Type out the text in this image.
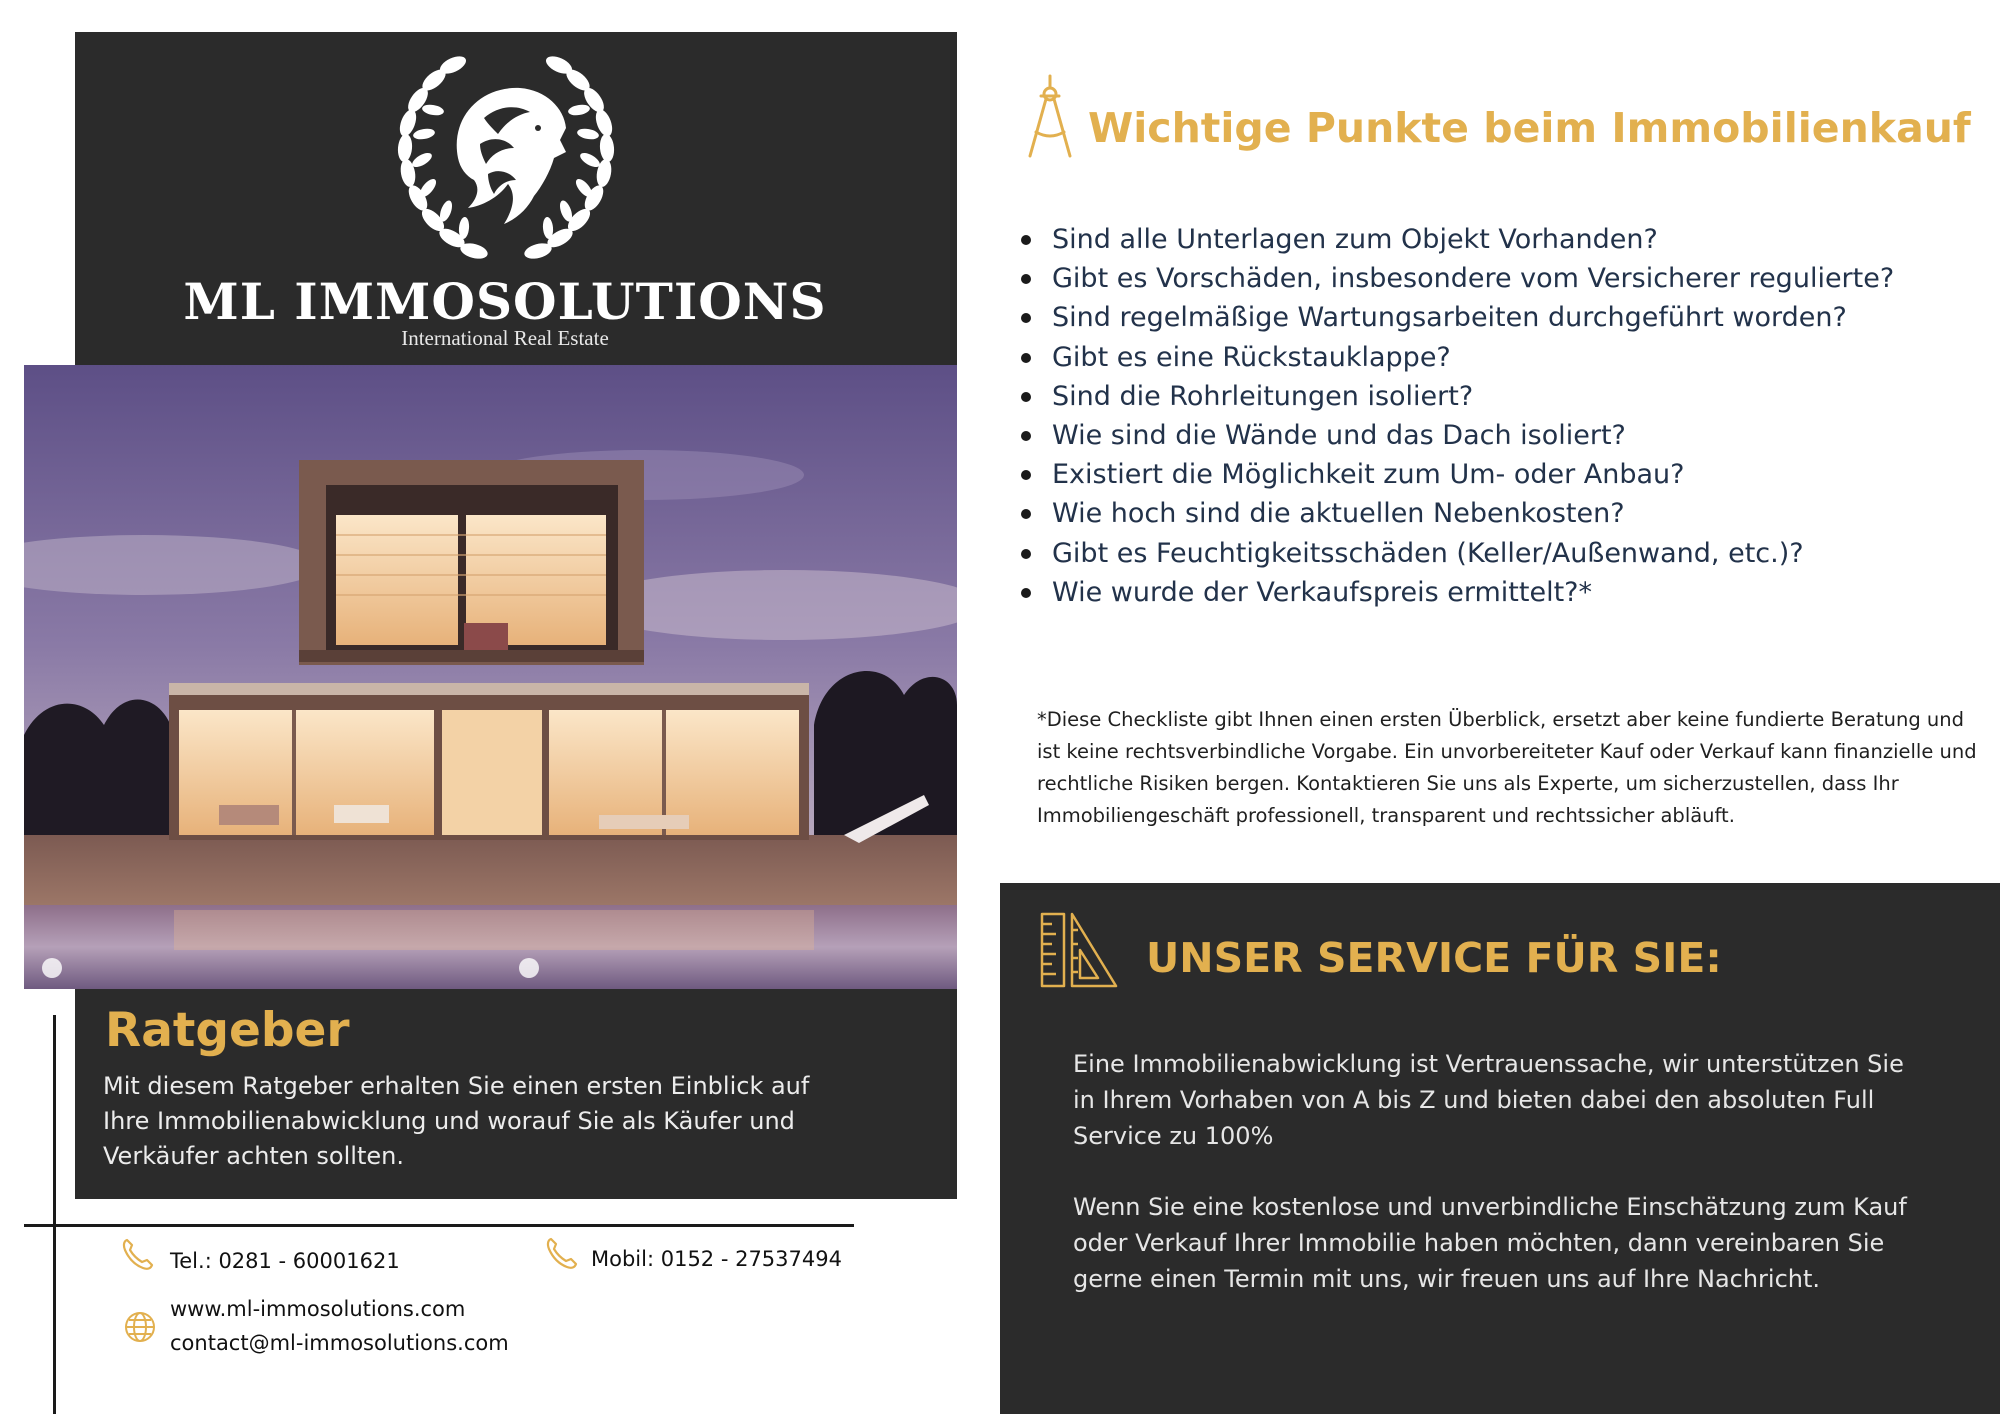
ML IMMOSOLUTIONS
International Real Estate
Ratgeber
Mit diesem Ratgeber erhalten Sie einen ersten Einblick auf Ihre Immobilienabwicklung und worauf Sie als Käufer und Verkäufer achten sollten.
Tel.: 0281 - 60001621	Mobil: 0152 - 27537494
www.ml-immosolutions.com
contact@ml-immosolutions.com
Wichtige Punkte beim Immobilienkauf
Sind alle Unterlagen zum Objekt Vorhanden?
Gibt es Vorschäden, insbesondere vom Versicherer regulierte?
Sind regelmäßige Wartungsarbeiten durchgeführt worden?
Gibt es eine Rückstauklappe?
Sind die Rohrleitungen isoliert?
Wie sind die Wände und das Dach isoliert?
Existiert die Möglichkeit zum Um- oder Anbau?
Wie hoch sind die aktuellen Nebenkosten?
Gibt es Feuchtigkeitsschäden (Keller/Außenwand, etc.)?
Wie wurde der Verkaufspreis ermittelt?*
*Diese Checkliste gibt Ihnen einen ersten Überblick, ersetzt aber keine fundierte Beratung und ist keine rechtsverbindliche Vorgabe. Ein unvorbereiteter Kauf oder Verkauf kann finanzielle und rechtliche Risiken bergen. Kontaktieren Sie uns als Experte, um sicherzustellen, dass Ihr Immobiliengeschäft professionell, transparent und rechtssicher abläuft.
UNSER SERVICE FÜR SIE:
Eine Immobilienabwicklung ist Vertrauenssache, wir unterstützen Sie in Ihrem Vorhaben von A bis Z und bieten dabei den absoluten Full Service zu 100%
Wenn Sie eine kostenlose und unverbindliche Einschätzung zum Kauf oder Verkauf Ihrer Immobilie haben möchten, dann vereinbaren Sie gerne einen Termin mit uns, wir freuen uns auf Ihre Nachricht.
